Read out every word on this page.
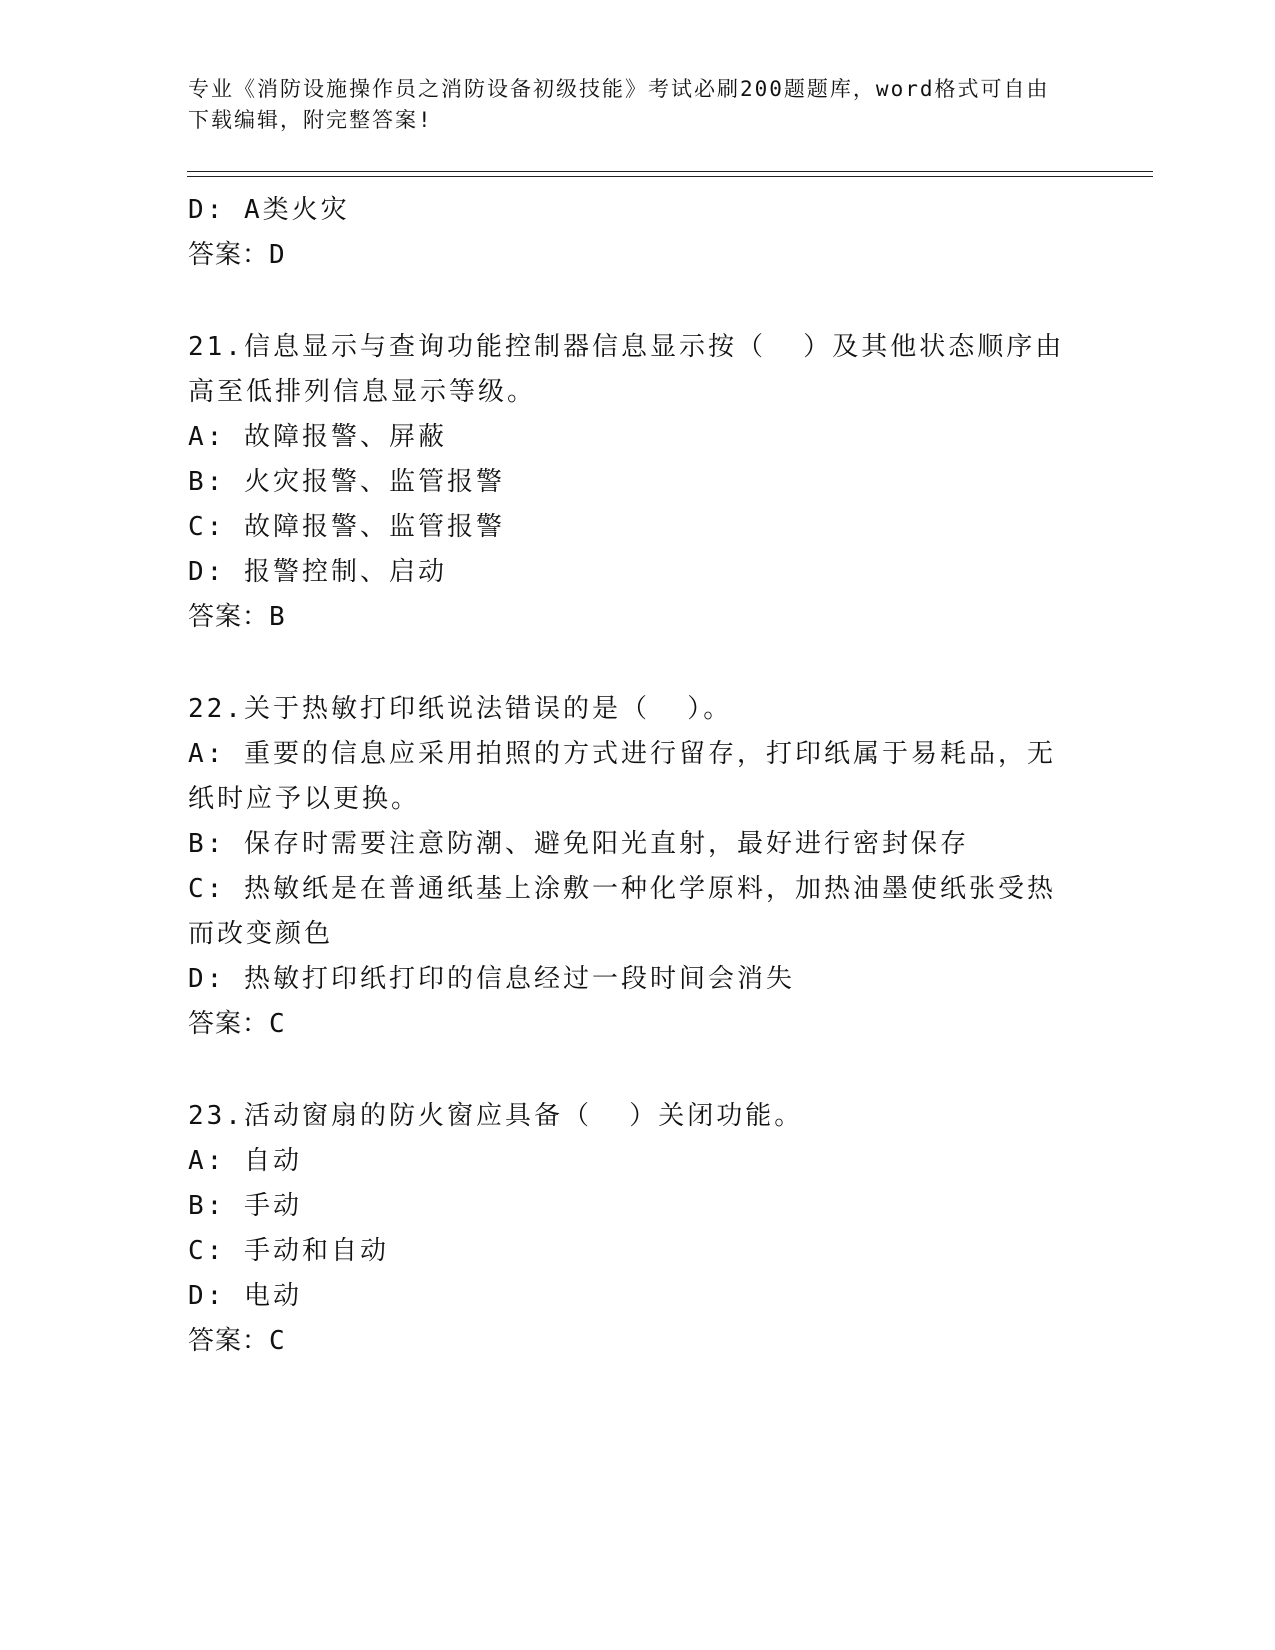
专业《消防设施操作员之消防设备初级技能》考试必刷200题题库，word格式可自由下载编辑，附完整答案!
D: A类火灾
答案：D
21.信息显示与查询功能控制器信息显示按（  ）及其他状态顺序由高至低排列信息显示等级。
A: 故障报警、屏蔽
B: 火灾报警、监管报警
C: 故障报警、监管报警
D: 报警控制、启动
答案：B
22.关于热敏打印纸说法错误的是（  ）。
A: 重要的信息应采用拍照的方式进行留存，打印纸属于易耗品，无纸时应予以更换。
B: 保存时需要注意防潮、避免阳光直射，最好进行密封保存
C: 热敏纸是在普通纸基上涂敷一种化学原料，加热油墨使纸张受热而改变颜色
D: 热敏打印纸打印的信息经过一段时间会消失
答案：C
23.活动窗扇的防火窗应具备（  ）关闭功能。
A: 自动
B: 手动
C: 手动和自动
D: 电动
答案：C
